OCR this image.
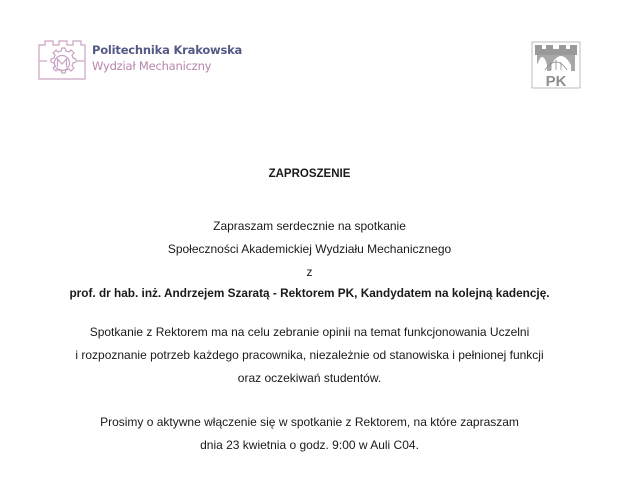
Politechnika Krakowska
Wydział Mechaniczny
PK
ZAPROSZENIE
Zapraszam serdecznie na spotkanie
Społeczności Akademickiej Wydziału Mechanicznego
z
prof. dr hab. inż. Andrzejem Szaratą - Rektorem PK, Kandydatem na kolejną kadencję.
Spotkanie z Rektorem ma na celu zebranie opinii na temat funkcjonowania Uczelni
i rozpoznanie potrzeb każdego pracownika, niezależnie od stanowiska i pełnionej funkcji
oraz oczekiwań studentów.
Prosimy o aktywne włączenie się w spotkanie z Rektorem, na które zapraszam
dnia 23 kwietnia o godz. 9:00 w Auli C04.
